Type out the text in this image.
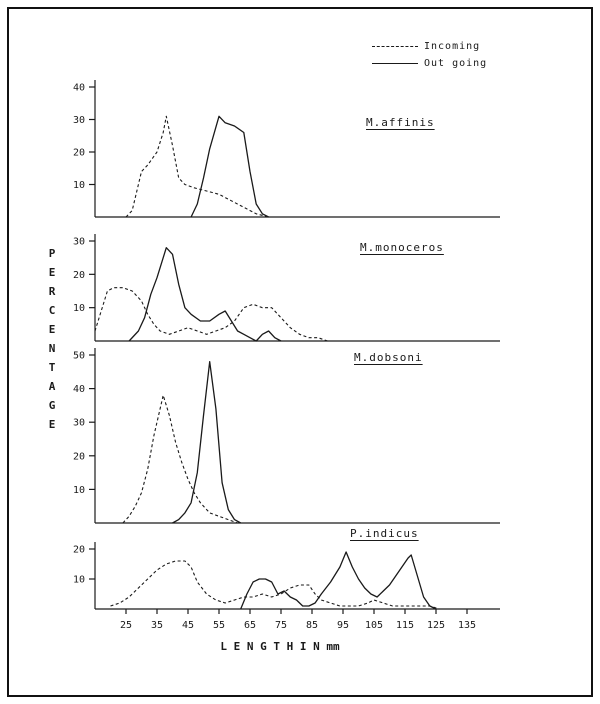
Incoming
Out going
P
E
R
C
E
N
T
A
G
E
10
20
30
40
10
20
30
10
20
30
40
50
10
20
M.affinis
M.monoceros
M.dobsoni
P.indicus
25 35 45 55 65 75 85 95 105 115 125 135
L E N G T H I N mm
